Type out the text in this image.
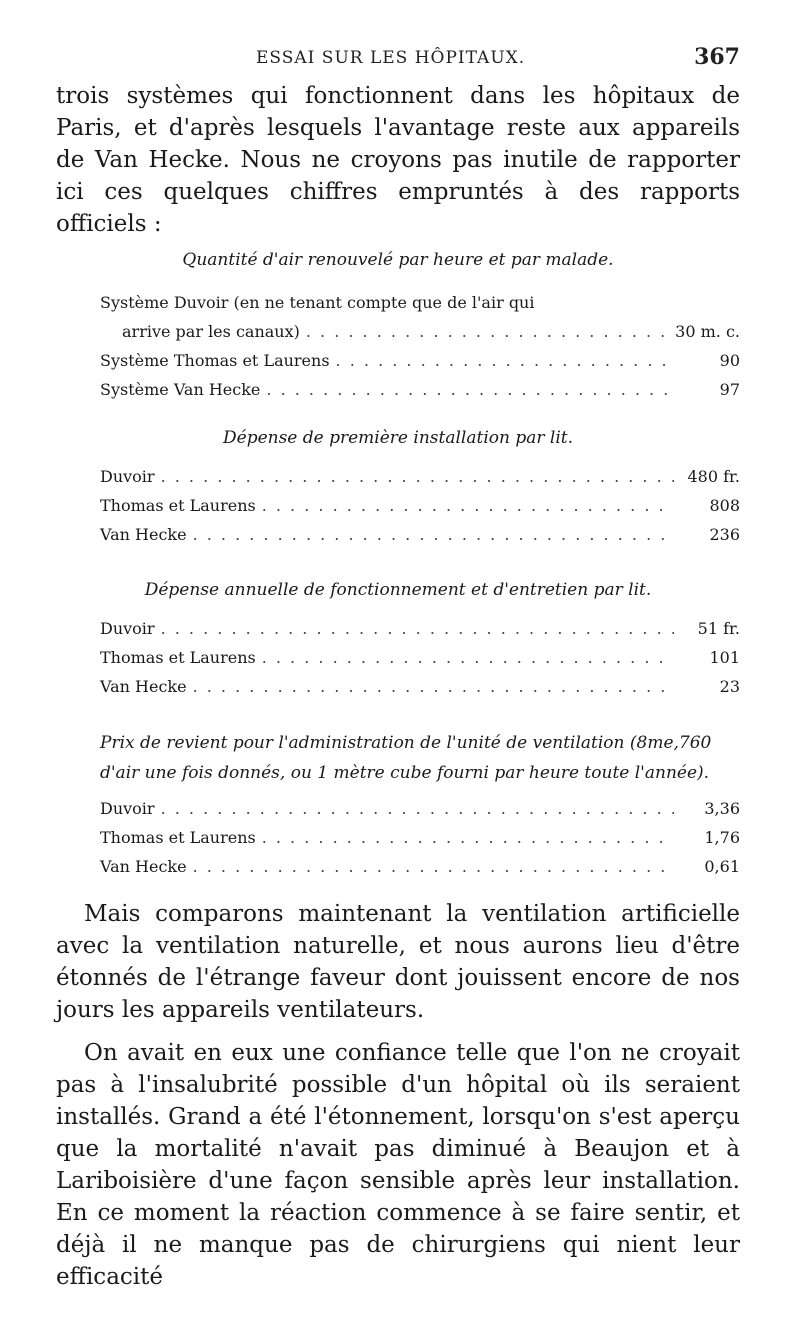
ESSAI SUR LES HÔPITAUX.	367
trois systèmes qui fonctionnent dans les hôpitaux de Paris, et d'après lesquels l'avantage reste aux appareils de Van Hecke. Nous ne croyons pas inutile de rapporter ici ces quelques chiffres empruntés à des rapports officiels :
Quantité d'air renouvelé par heure et par malade.
Système Duvoir (en ne tenant compte que de l'air qui
arrive par les canaux) . . .	30 m. c.
Système Thomas et Laurens . . .	90
Système Van Hecke . . .	97
Dépense de première installation par lit.
Duvoir . . .	480 fr.
Thomas et Laurens . . .	808
Van Hecke . . .	236
Dépense annuelle de fonctionnement et d'entretien par lit.
Duvoir . . .	51 fr.
Thomas et Laurens . . .	101
Van Hecke . . .	23
Prix de revient pour l'administration de l'unité de ventilation (8me,760 d'air une fois donnés, ou 1 mètre cube fourni par heure toute l'année).
Duvoir . . .	3,36
Thomas et Laurens . . .	1,76
Van Hecke . . .	0,61
Mais comparons maintenant la ventilation artificielle avec la ventilation naturelle, et nous aurons lieu d'être étonnés de l'étrange faveur dont jouissent encore de nos jours les appareils ventilateurs.
On avait en eux une confiance telle que l'on ne croyait pas à l'insalubrité possible d'un hôpital où ils seraient installés. Grand a été l'étonnement, lorsqu'on s'est aperçu que la mortalité n'avait pas diminué à Beaujon et à Lariboisière d'une façon sensible après leur installation. En ce moment la réaction commence à se faire sentir, et déjà il ne manque pas de chirurgiens qui nient leur efficacité
